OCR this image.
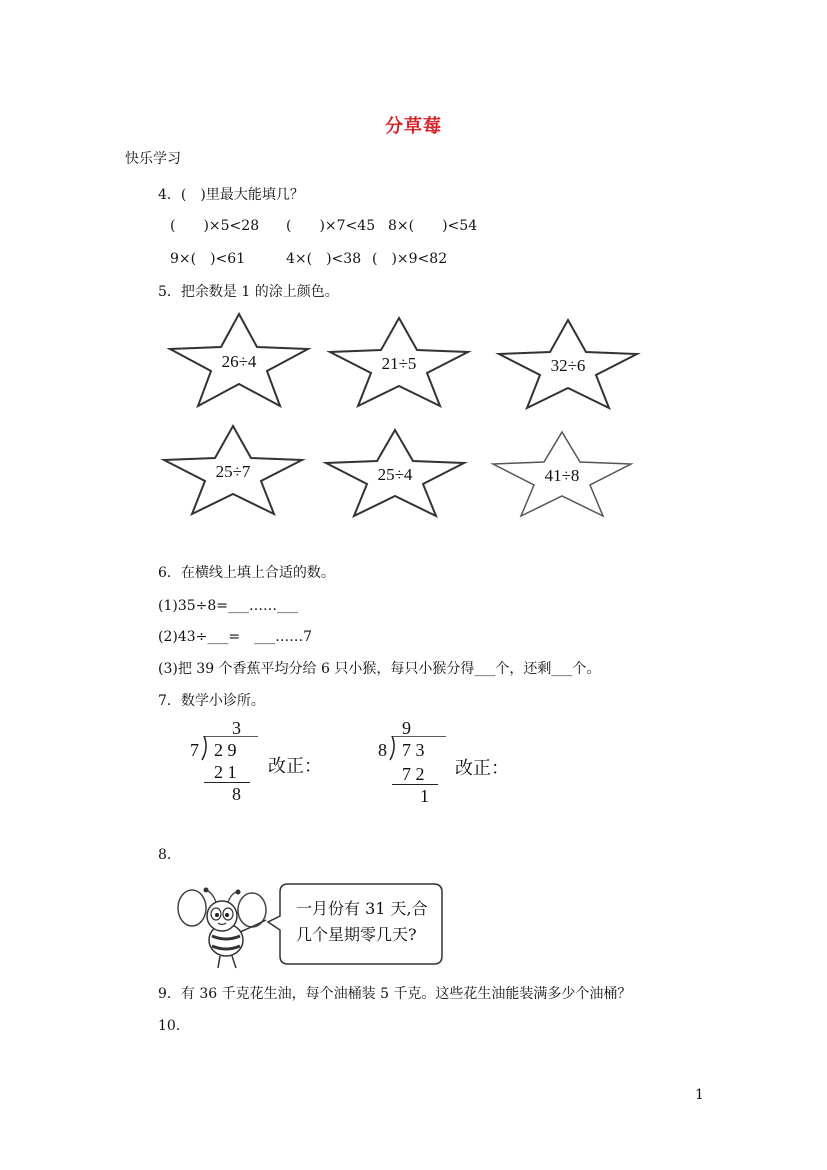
分草莓
快乐学习
4．(　)里最大能填几？
(　　)×5<28 (　　)×7<45 8×(　　)<54
9×(　)<61	4×(　)<38 (　)×9<82
5．把余数是 1 的涂上颜色。
26÷4	21÷5	32÷6
25÷7	25÷4	41÷8
6．在横线上填上合适的数。
(1)35÷8=___……___
(2)43÷___=　___……7
(3)把 39 个香蕉平均分给 6 只小猴，每只小猴分得___个，还剩___个。
7．数学小诊所。
3
7 2 9
2 1
8
改正：
9
8 7 3
7 2
1
改正：
8.
一月份有 31 天,合
几个星期零几天?
9．有 36 千克花生油，每个油桶装 5 千克。这些花生油能装满多少个油桶？
10.
1
